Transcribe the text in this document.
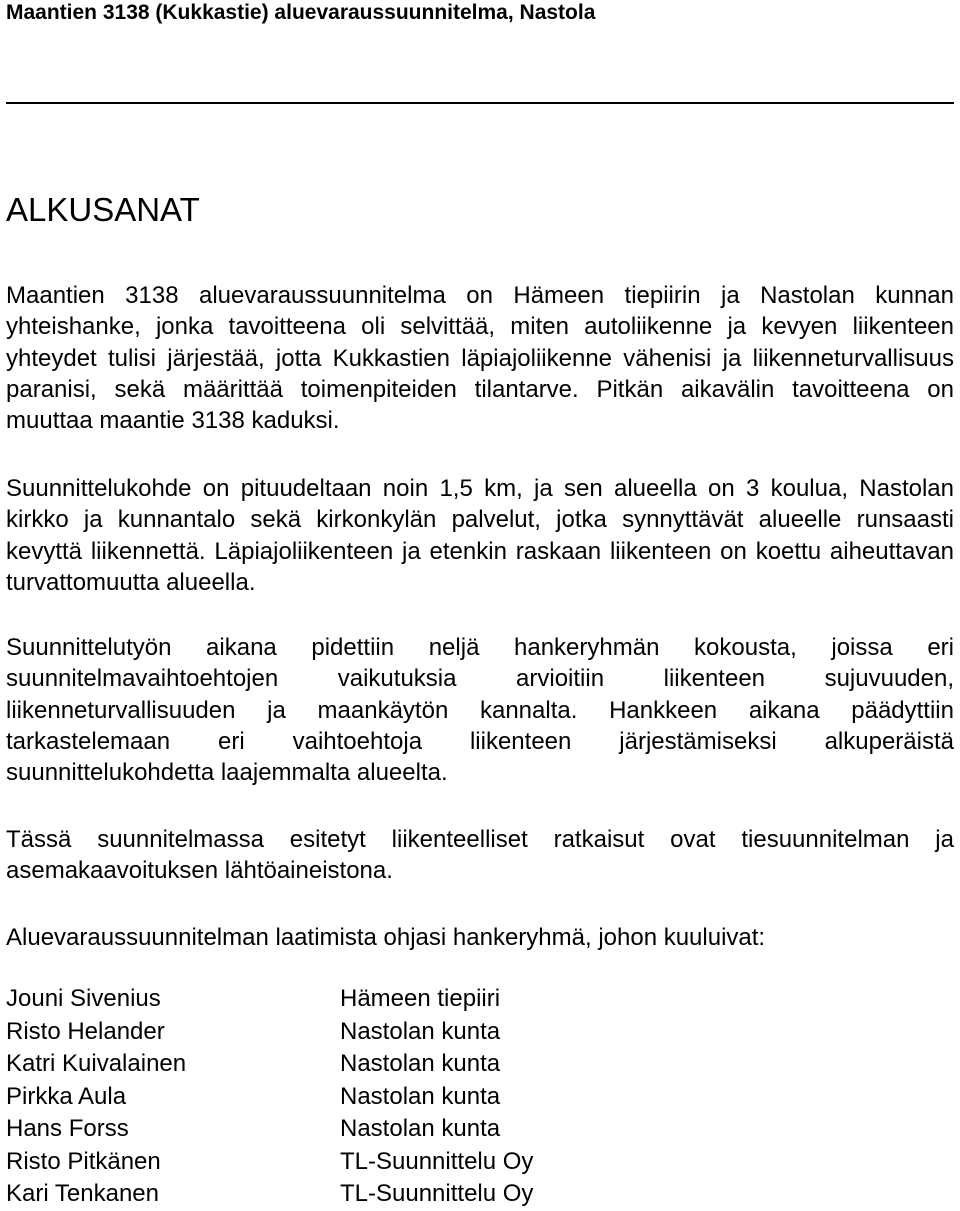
Maantien 3138 (Kukkastie) aluevaraussuunnitelma, Nastola
ALKUSANAT

Maantien 3138 aluevaraussuunnitelma on Hämeen tiepiirin ja Nastolan kunnan yhteishanke, jonka tavoitteena oli selvittää, miten autoliikenne ja kevyen liikenteen yhteydet tulisi järjestää, jotta Kukkastien läpiajoliikenne vähenisi ja liikenneturvallisuus paranisi, sekä määrittää toimenpiteiden tilantarve. Pitkän aikavälin tavoitteena on muuttaa maantie 3138 kaduksi.

Suunnittelukohde on pituudeltaan noin 1,5 km, ja sen alueella on 3 koulua, Nastolan kirkko ja kunnantalo sekä kirkonkylän palvelut, jotka synnyttävät alueelle runsaasti kevyttä liikennettä. Läpiajoliikenteen ja etenkin raskaan liikenteen on koettu aiheuttavan turvattomuutta alueella.

Suunnittelutyön aikana pidettiin neljä hankeryhmän kokousta, joissa eri suunnitelmavaihtoehtojen vaikutuksia arvioitiin liikenteen sujuvuuden, liikenneturvallisuuden ja maankäytön kannalta. Hankkeen aikana päädyttiin tarkastelemaan eri vaihtoehtoja liikenteen järjestämiseksi alkuperäistä suunnittelukohdetta laajemmalta alueelta.

Tässä suunnitelmassa esitetyt liikenteelliset ratkaisut ovat tiesuunnitelman ja asemakaavoituksen lähtöaineistona.

Aluevaraussuunnitelman laatimista ohjasi hankeryhmä, johon kuuluivat:

Jouni Sivenius	Hämeen tiepiiri
Risto Helander	Nastolan kunta
Katri Kuivalainen	Nastolan kunta
Pirkka Aula	Nastolan kunta
Hans Forss	Nastolan kunta
Risto Pitkänen	TL-Suunnittelu Oy
Kari Tenkanen	TL-Suunnittelu Oy
